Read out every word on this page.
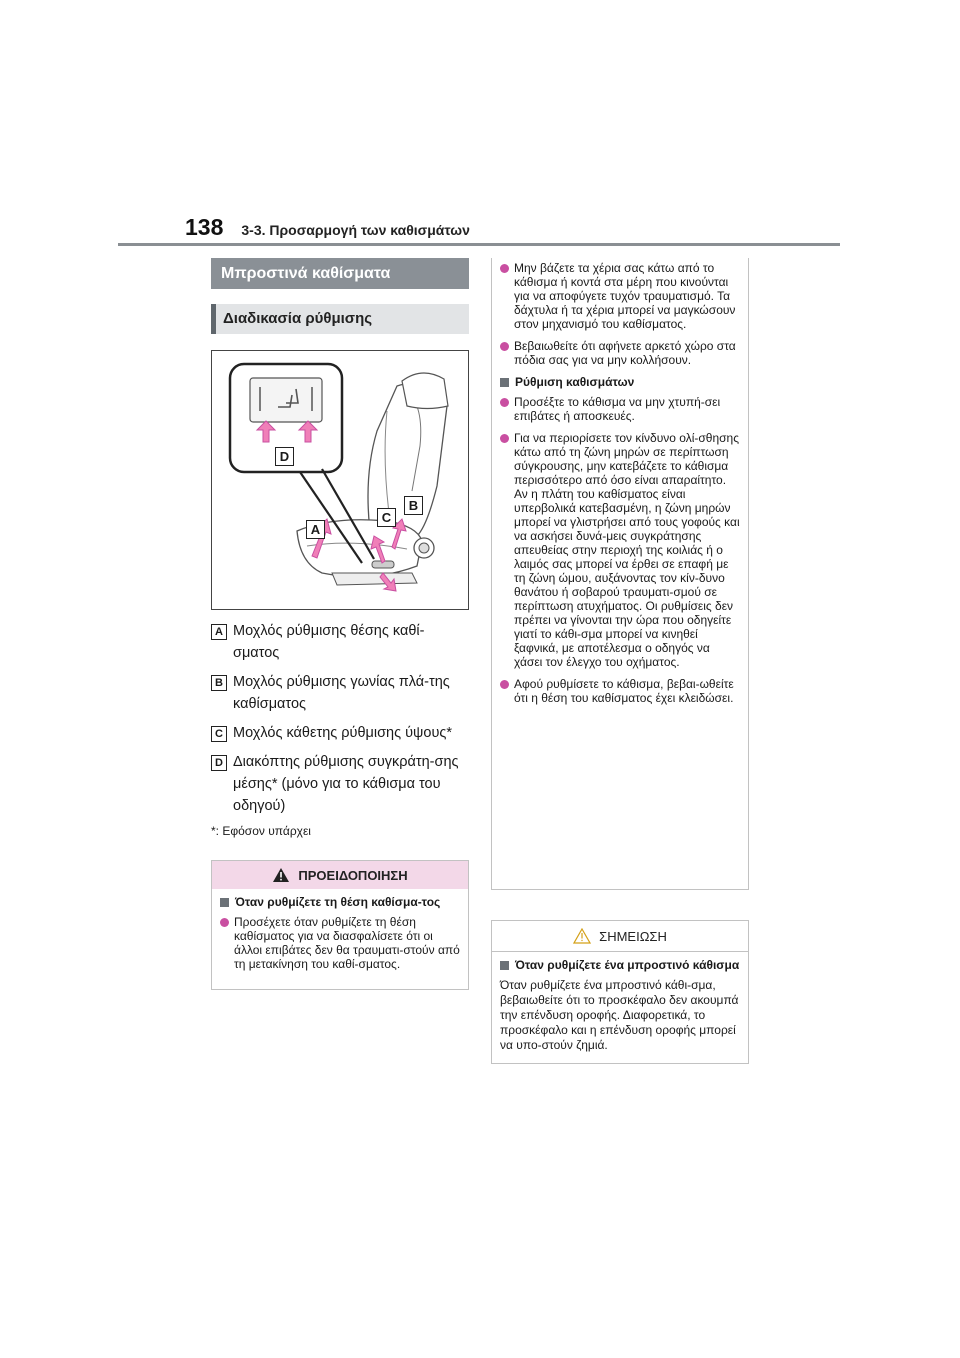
138 3-3. Προσαρμογή των καθισμάτων
Μπροστινά καθίσματα
Διαδικασία ρύθμισης
A
B
C
D
A Μοχλός ρύθμισης θέσης καθί-σματος
B Μοχλός ρύθμισης γωνίας πλά-της καθίσματος
C Μοχλός κάθετης ρύθμισης ύψους*
D Διακόπτης ρύθμισης συγκράτη-σης μέσης* (μόνο για το κάθισμα του οδηγού)
*: Εφόσον υπάρχει
ΠΡΟΕΙΔΟΠΟΙΗΣΗ
Όταν ρυθμίζετε τη θέση καθίσμα-τος
Προσέχετε όταν ρυθμίζετε τη θέση καθίσματος για να διασφαλίσετε ότι οι άλλοι επιβάτες δεν θα τραυματι-στούν από τη μετακίνηση του καθί-σματος.
Μην βάζετε τα χέρια σας κάτω από το κάθισμα ή κοντά στα μέρη που κινούνται για να αποφύγετε τυχόν τραυματισμό. Τα δάχτυλα ή τα χέρια μπορεί να μαγκώσουν στον μηχανισμό του καθίσματος.
Βεβαιωθείτε ότι αφήνετε αρκετό χώρο στα πόδια σας για να μην κολλήσουν.
Ρύθμιση καθισμάτων
Προσέξτε το κάθισμα να μην χτυπή-σει επιβάτες ή αποσκευές.
Για να περιορίσετε τον κίνδυνο ολί-σθησης κάτω από τη ζώνη μηρών σε περίπτωση σύγκρουσης, μην κατεβάζετε το κάθισμα περισσότερο από όσο είναι απαραίτητο. Αν η πλάτη του καθίσματος είναι υπερβολικά κατεβασμένη, η ζώνη μηρών μπορεί να γλιστρήσει από τους γοφούς και να ασκήσει δυνά-μεις συγκράτησης απευθείας στην περιοχή της κοιλιάς ή ο λαιμός σας μπορεί να έρθει σε επαφή με τη ζώνη ώμου, αυξάνοντας τον κίν-δυνο θανάτου ή σοβαρού τραυματι-σμού σε περίπτωση ατυχήματος. Οι ρυθμίσεις δεν πρέπει να γίνονται την ώρα που οδηγείτε γιατί το κάθι-σμα μπορεί να κινηθεί ξαφνικά, με αποτέλεσμα ο οδηγός να χάσει τον έλεγχο του οχήματος.
Αφού ρυθμίσετε το κάθισμα, βεβαι-ωθείτε ότι η θέση του καθίσματος έχει κλειδώσει.
ΣΗΜΕΙΩΣΗ
Όταν ρυθμίζετε ένα μπροστινό κάθισμα
Όταν ρυθμίζετε ένα μπροστινό κάθι-σμα, βεβαιωθείτε ότι το προσκέφαλο δεν ακουμπά την επένδυση οροφής. Διαφορετικά, το προσκέφαλο και η επένδυση οροφής μπορεί να υπο-στούν ζημιά.
